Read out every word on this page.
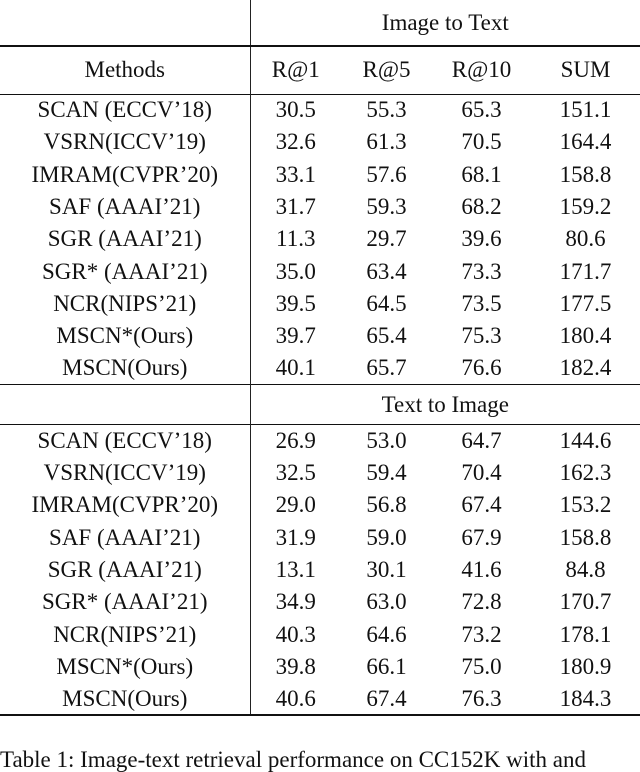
	Image to Text			
Methods	R@1	R@5	R@10	SUM
SCAN (ECCV’18)	30.5	55.3	65.3	151.1
VSRN(ICCV’19)	32.6	61.3	70.5	164.4
IMRAM(CVPR’20)	33.1	57.6	68.1	158.8
SAF (AAAI’21)	31.7	59.3	68.2	159.2
SGR (AAAI’21)	11.3	29.7	39.6	80.6
SGR* (AAAI’21)	35.0	63.4	73.3	171.7
NCR(NIPS’21)	39.5	64.5	73.5	177.5
MSCN*(Ours)	39.7	65.4	75.3	180.4
MSCN(Ours)	40.1	65.7	76.6	182.4
	Text to Image			
SCAN (ECCV’18)	26.9	53.0	64.7	144.6
VSRN(ICCV’19)	32.5	59.4	70.4	162.3
IMRAM(CVPR’20)	29.0	56.8	67.4	153.2
SAF (AAAI’21)	31.9	59.0	67.9	158.8
SGR (AAAI’21)	13.1	30.1	41.6	84.8
SGR* (AAAI’21)	34.9	63.0	72.8	170.7
NCR(NIPS’21)	40.3	64.6	73.2	178.1
MSCN*(Ours)	39.8	66.1	75.0	180.9
MSCN(Ours)	40.6	67.4	76.3	184.3
Table 1: Image-text retrieval performance on CC152K with and
